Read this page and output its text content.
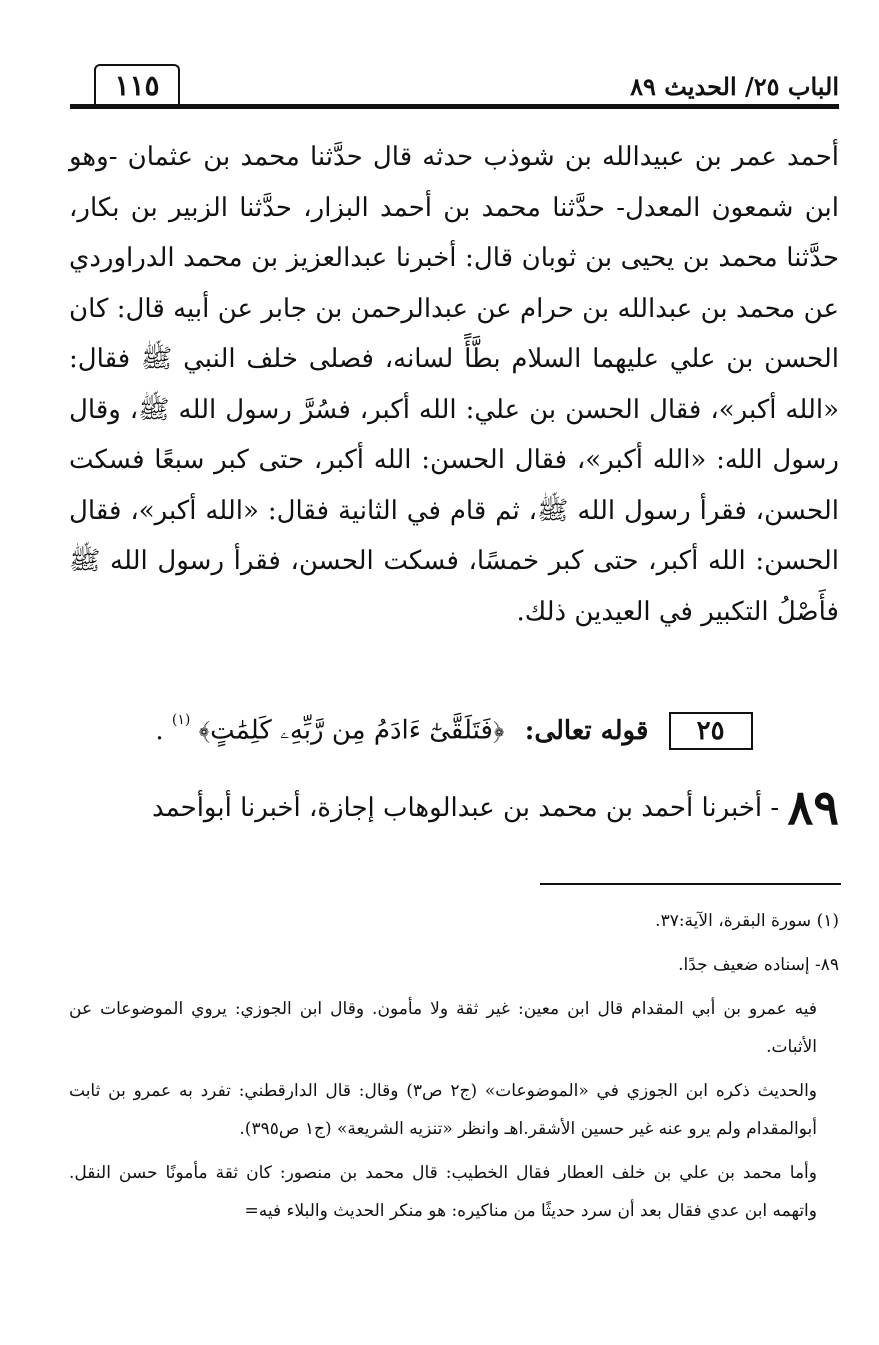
الباب ٢٥/ الحديث ٨٩
١١٥

أحمد عمر بن عبيدالله بن شوذب حدثه قال حدَّثنا محمد بن عثمان -وهو ابن شمعون المعدل- حدَّثنا محمد بن أحمد البزار، حدَّثنا الزبير بن بكار، حدَّثنا محمد بن يحيى بن ثوبان قال: أخبرنا عبدالعزيز بن محمد الدراوردي عن محمد بن عبدالله بن حرام عن عبدالرحمن بن جابر عن أبيه قال: كان الحسن بن علي عليهما السلام بطَّأً لسانه، فصلى خلف النبي ﷺ فقال: «الله أكبر»، فقال الحسن بن علي: الله أكبر، فسُرَّ رسول الله ﷺ، وقال رسول الله: «الله أكبر»، فقال الحسن: الله أكبر، حتى كبر سبعًا فسكت الحسن، فقرأ رسول الله ﷺ، ثم قام في الثانية فقال: «الله أكبر»، فقال الحسن: الله أكبر، حتى كبر خمسًا، فسكت الحسن، فقرأ رسول الله ﷺ فأَصْلُ التكبير في العيدين ذلك.

٢٥ قوله تعالى: ﴿فَتَلَقَّىٰٓ ءَادَمُ مِن رَّبِّهِۦ كَلِمَٰتٍ﴾ $^{(١)}$ .
٨٩ - أخبرنا أحمد بن محمد بن عبدالوهاب إجازة، أخبرنا أبوأحمد

(١) سورة البقرة، الآية:٣٧.

٨٩- إسناده ضعيف جدًا.

فيه عمرو بن أبي المقدام قال ابن معين: غير ثقة ولا مأمون. وقال ابن الجوزي: يروي الموضوعات عن الأثبات.

والحديث ذكره ابن الجوزي في «الموضوعات» (ج٢ ص٣) وقال: قال الدارقطني: تفرد به عمرو بن ثابت أبوالمقدام ولم يرو عنه غير حسين الأشقر.اهـ وانظر «تنزيه الشريعة» (ج١ ص٣٩٥).

وأما محمد بن علي بن خلف العطار فقال الخطيب: قال محمد بن منصور: كان ثقة مأمونًا حسن النقل. واتهمه ابن عدي فقال بعد أن سرد حديثًا من مناكيره: هو منكر الحديث والبلاء فيه=
